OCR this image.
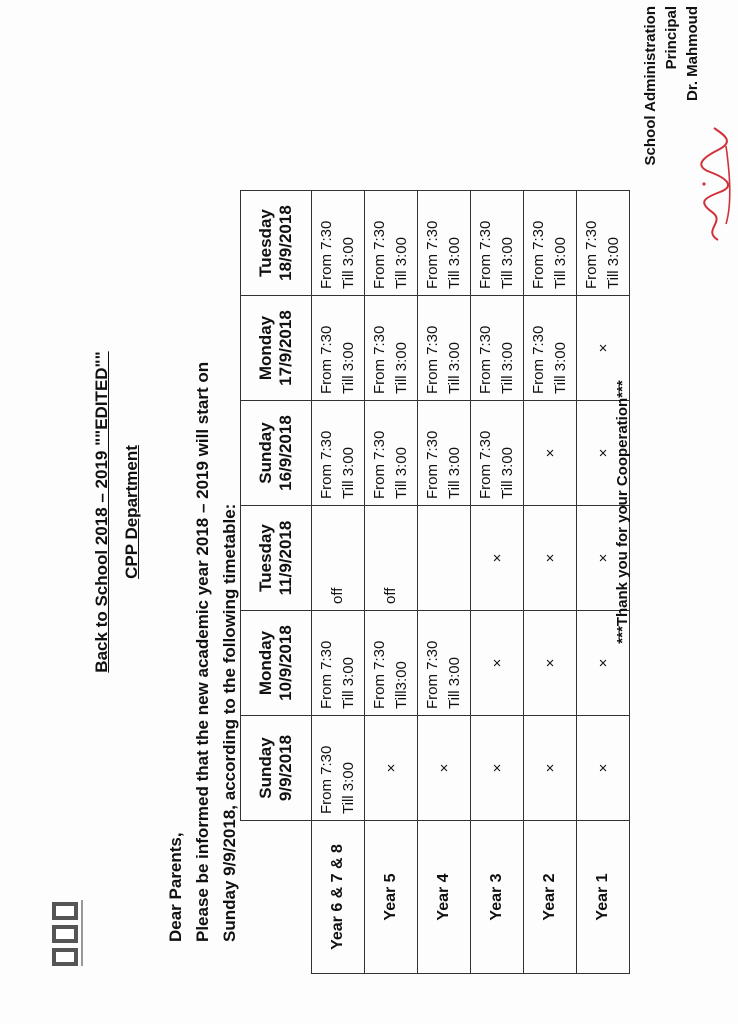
Back to School 2018 – 2019 ""EDITED"" CPP Department
Dear Parents, Please be informed that the new academic year 2018 – 2019 will start on Sunday 9/9/2018, according to the following timetable:

	Sunday 9/9/2018	Monday 10/9/2018	Tuesday 11/9/2018	Sunday 16/9/2018	Monday 17/9/2018	Tuesday 18/9/2018

Year 6 & 7 & 8	From 7:30 Till 3:00	From 7:30 Till 3:00	off	From 7:30 Till 3:00	From 7:30 Till 3:00	From 7:30 Till 3:00

Year 5	×	From 7:30 Till3:00	off	From 7:30 Till 3:00	From 7:30 Till 3:00	From 7:30 Till 3:00

Year 4	×	From 7:30 Till 3:00		From 7:30 Till 3:00	From 7:30 Till 3:00	From 7:30 Till 3:00

Year 3	×	×	×	From 7:30 Till 3:00	From 7:30 Till 3:00	From 7:30 Till 3:00

Year 2	×	×	×	×	From 7:30 Till 3:00	From 7:30 Till 3:00

Year 1	×	×	×	×	×	From 7:30 Till 3:00
***Thank you for your Cooperation***
School Administration Principal Dr. Mahmoud
